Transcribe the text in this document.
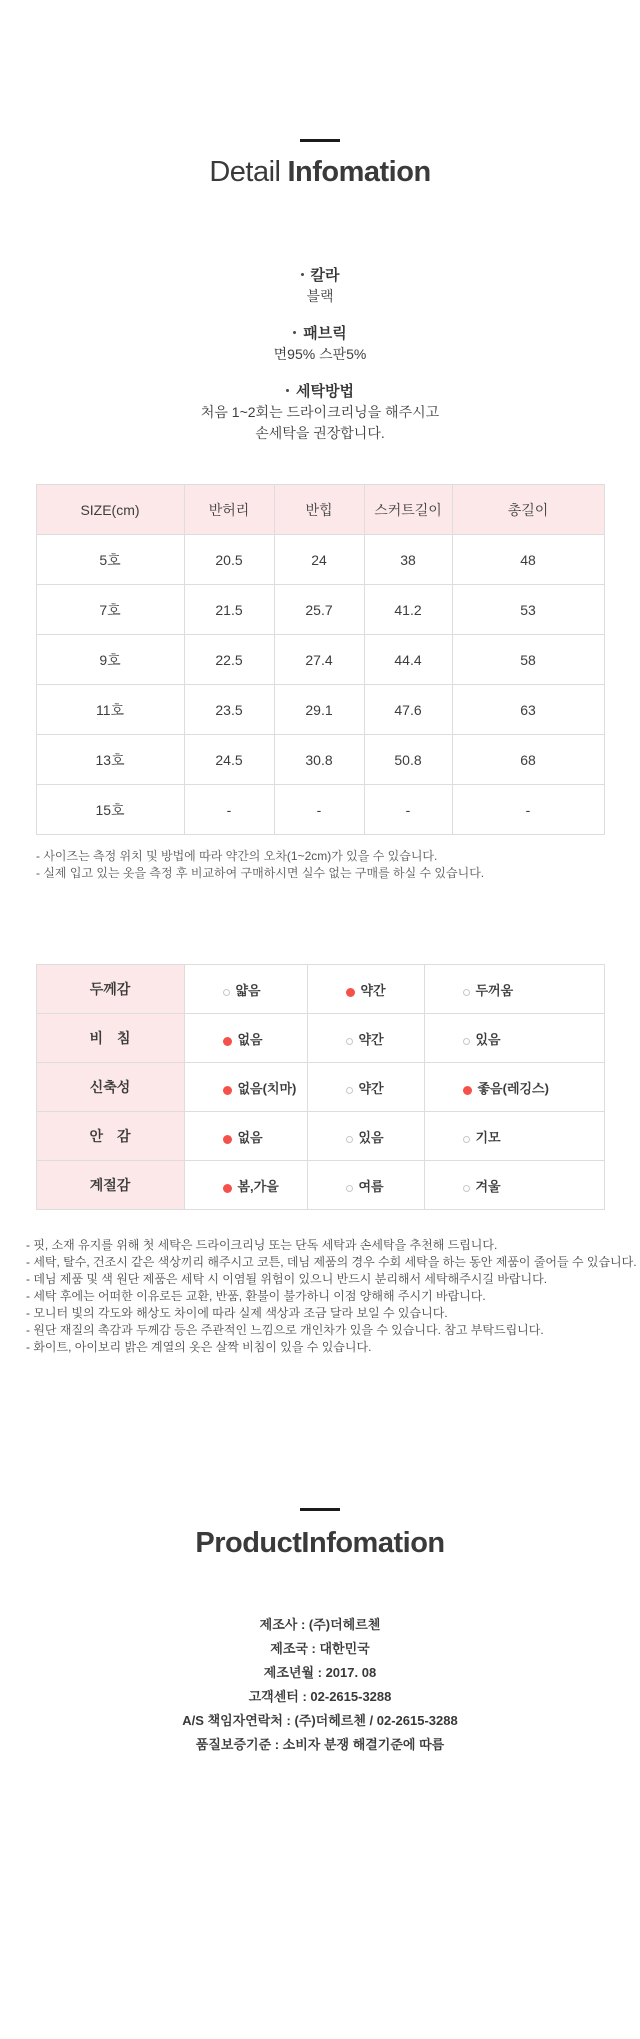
Detail Infomation
칼라
블랙
패브릭
면95% 스판5%
세탁방법
처음 1~2회는 드라이크리닝을 해주시고
손세탁을 권장합니다.
SIZE(cm)	반허리	반힙	스커트길이	총길이
5호	20.5	24	38	48
7호	21.5	25.7	41.2	53
9호	22.5	27.4	44.4	58
11호	23.5	29.1	47.6	63
13호	24.5	30.8	50.8	68
15호	-	-	-	-
- 사이즈는 측정 위치 및 방법에 따라 약간의 오차(1~2cm)가 있을 수 있습니다.
- 실제 입고 있는 옷을 측정 후 비교하여 구매하시면 실수 없는 구매를 하실 수 있습니다.
두께감	얇음	약간	두꺼움
비　침	없음	약간	있음
신축성	없음(치마)	약간	좋음(레깅스)
안　감	없음	있음	기모
계절감	봄,가을	여름	겨울
- 핏, 소재 유지를 위해 첫 세탁은 드라이크리닝 또는 단독 세탁과 손세탁을 추천해 드립니다.
- 세탁, 탈수, 건조시 같은 색상끼리 해주시고 코튼, 데님 제품의 경우 수회 세탁을 하는 동안 제품이 줄어들 수 있습니다.
- 데님 제품 및 색 원단 제품은 세탁 시 이염될 위험이 있으니 반드시 분리해서 세탁해주시길 바랍니다.
- 세탁 후에는 어떠한 이유로든 교환, 반품, 환불이 불가하니 이점 양해해 주시기 바랍니다.
- 모니터 빛의 각도와 해상도 차이에 따라 실제 색상과 조금 달라 보일 수 있습니다.
- 원단 재질의 촉감과 두께감 등은 주관적인 느낌으로 개인차가 있을 수 있습니다. 참고 부탁드립니다.
- 화이트, 아이보리 밝은 계열의 옷은 살짝 비침이 있을 수 있습니다.
ProductInfomation
제조사 : (주)더헤르첸
제조국 : 대한민국
제조년월 : 2017. 08
고객센터 : 02-2615-3288
A/S 책임자연락처 : (주)더헤르첸 / 02-2615-3288
품질보증기준 : 소비자 분쟁 해결기준에 따름
